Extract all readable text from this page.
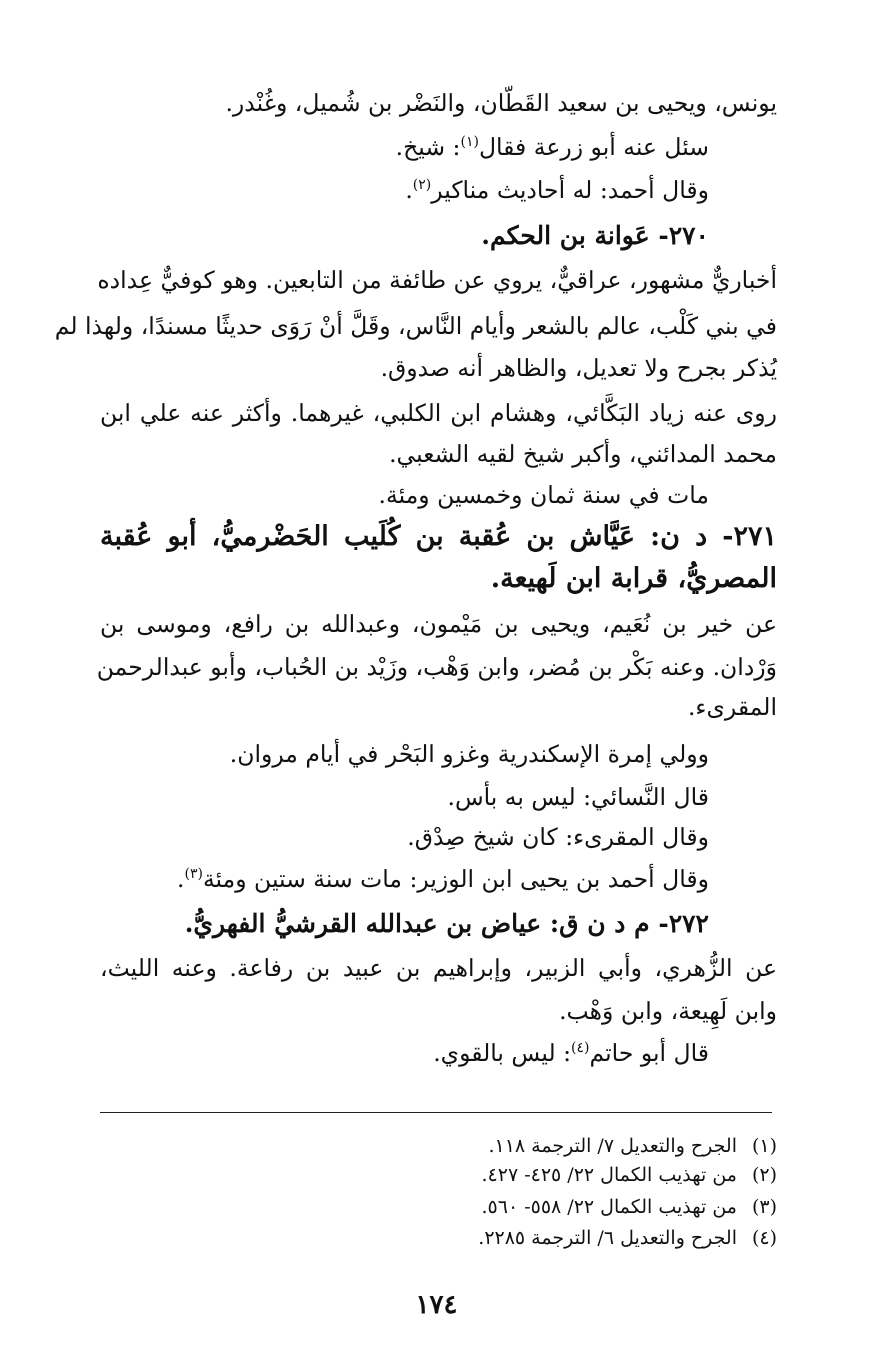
يونس، ويحيى بن سعيد القَطّان، والنَضْر بن شُميل، وغُنْدر.
سئل عنه أبو زرعة فقال$^{(١)}$: شيخ.
وقال أحمد: له أحاديث مناكير$^{(٢)}$.
٢٧٠- عَوانة بن الحكم.
أخباريٌّ مشهور، عراقيٌّ، يروي عن طائفة من التابعين. وهو كوفيٌّ عِداده
في بني كَلْب، عالم بالشعر وأيام النَّاس، وقَلَّ أنْ رَوَى حديثًا مسندًا، ولهذا لم
يُذكر بجرح ولا تعديل، والظاهر أنه صدوق.
روى عنه زياد البَكَّائي، وهشام ابن الكلبي، غيرهما. وأكثر عنه علي ابن
محمد المدائني، وأكبر شيخ لقيه الشعبي.
مات في سنة ثمان وخمسين ومئة.
٢٧١- د ن: عَيَّاش بن عُقبة بن كُلَيب الحَضْرميُّ، أبو عُقبة
المصريُّ، قرابة ابن لَهيعة.
عن خير بن نُعَيم، ويحيى بن مَيْمون، وعبدالله بن رافع، وموسى بن
وَرْدان. وعنه بَكْر بن مُضر، وابن وَهْب، وزَيْد بن الحُباب، وأبو عبدالرحمن
المقرىء.
وولي إمرة الإسكندرية وغزو البَحْر في أيام مروان.
قال النَّسائي: ليس به بأس.
وقال المقرىء: كان شيخ صِدْق.
وقال أحمد بن يحيى ابن الوزير: مات سنة ستين ومئة$^{(٣)}$.
٢٧٢- م د ن ق: عياض بن عبدالله القرشيُّ الفهريُّ.
عن الزُّهري، وأبي الزبير، وإبراهيم بن عبيد بن رفاعة. وعنه الليث،
وابن لَهِيعة، وابن وَهْب.
قال أبو حاتم$^{(٤)}$: ليس بالقوي.
(١)الجرح والتعديل ٧/ الترجمة ١١٨.
(٢)من تهذيب الكمال ٢٢/ ٤٢٥- ٤٢٧.
(٣)من تهذيب الكمال ٢٢/ ٥٥٨- ٥٦٠.
(٤)الجرح والتعديل ٦/ الترجمة ٢٢٨٥.
١٧٤
